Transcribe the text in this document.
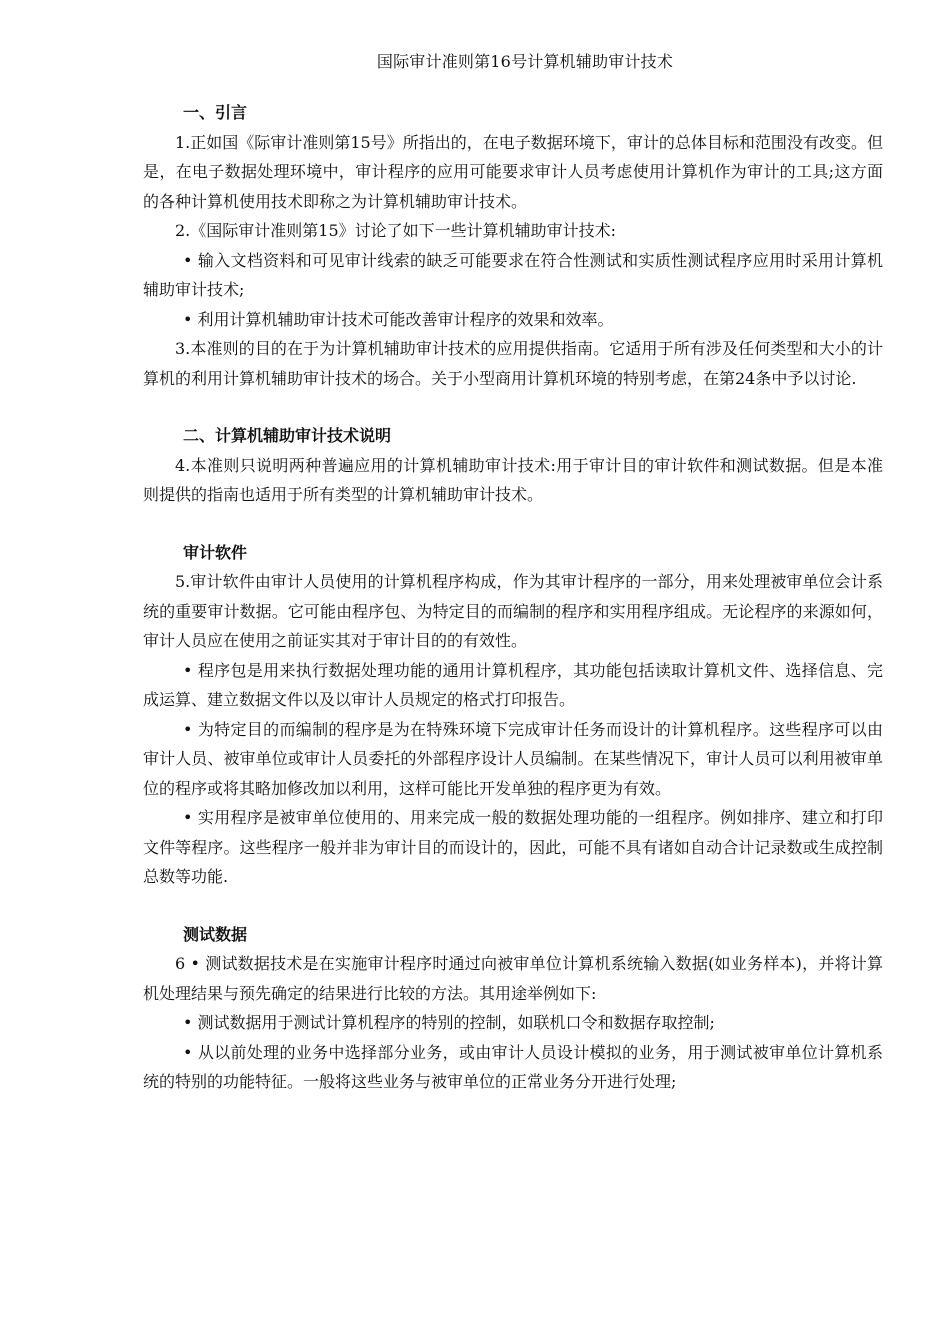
国际审计准则第16号计算机辅助审计技术

一、引言

1.正如国《际审计准则第15号》所指出的，在电子数据环境下，审计的总体目标和范围没有改变。但是，在电子数据处理环境中，审计程序的应用可能要求审计人员考虑使用计算机作为审计的工具;这方面的各种计算机使用技术即称之为计算机辅助审计技术。

2.《国际审计准则第15》讨论了如下一些计算机辅助审计技术:

• 输入文档资料和可见审计线索的缺乏可能要求在符合性测试和实质性测试程序应用时采用计算机辅助审计技术;

• 利用计算机辅助审计技术可能改善审计程序的效果和效率。

3.本准则的目的在于为计算机辅助审计技术的应用提供指南。它适用于所有涉及任何类型和大小的计算机的利用计算机辅助审计技术的场合。关于小型商用计算机环境的特别考虑，在第24条中予以讨论.

二、计算机辅助审计技术说明

4.本准则只说明两种普遍应用的计算机辅助审计技术:用于审计目的审计软件和测试数据。但是本准则提供的指南也适用于所有类型的计算机辅助审计技术。

审计软件

5.审计软件由审计人员使用的计算机程序构成，作为其审计程序的一部分，用来处理被审单位会计系统的重要审计数据。它可能由程序包、为特定目的而编制的程序和实用程序组成。无论程序的来源如何，审计人员应在使用之前证实其对于审计目的的有效性。

• 程序包是用来执行数据处理功能的通用计算机程序，其功能包括读取计算机文件、选择信息、完成运算、建立数据文件以及以审计人员规定的格式打印报告。

• 为特定目的而编制的程序是为在特殊环境下完成审计任务而设计的计算机程序。这些程序可以由审计人员、被审单位或审计人员委托的外部程序设计人员编制。在某些情况下，审计人员可以利用被审单位的程序或将其略加修改加以利用，这样可能比开发单独的程序更为有效。

• 实用程序是被审单位使用的、用来完成一般的数据处理功能的一组程序。例如排序、建立和打印文件等程序。这些程序一般并非为审计目的而设计的，因此，可能不具有诸如自动合计记录数或生成控制总数等功能.

测试数据

6 • 测试数据技术是在实施审计程序时通过向被审单位计算机系统输入数据(如业务样本)，并将计算机处理结果与预先确定的结果进行比较的方法。其用途举例如下:

• 测试数据用于测试计算机程序的特别的控制，如联机口令和数据存取控制;

• 从以前处理的业务中选择部分业务，或由审计人员设计模拟的业务，用于测试被审单位计算机系统的特别的功能特征。一般将这些业务与被审单位的正常业务分开进行处理;
